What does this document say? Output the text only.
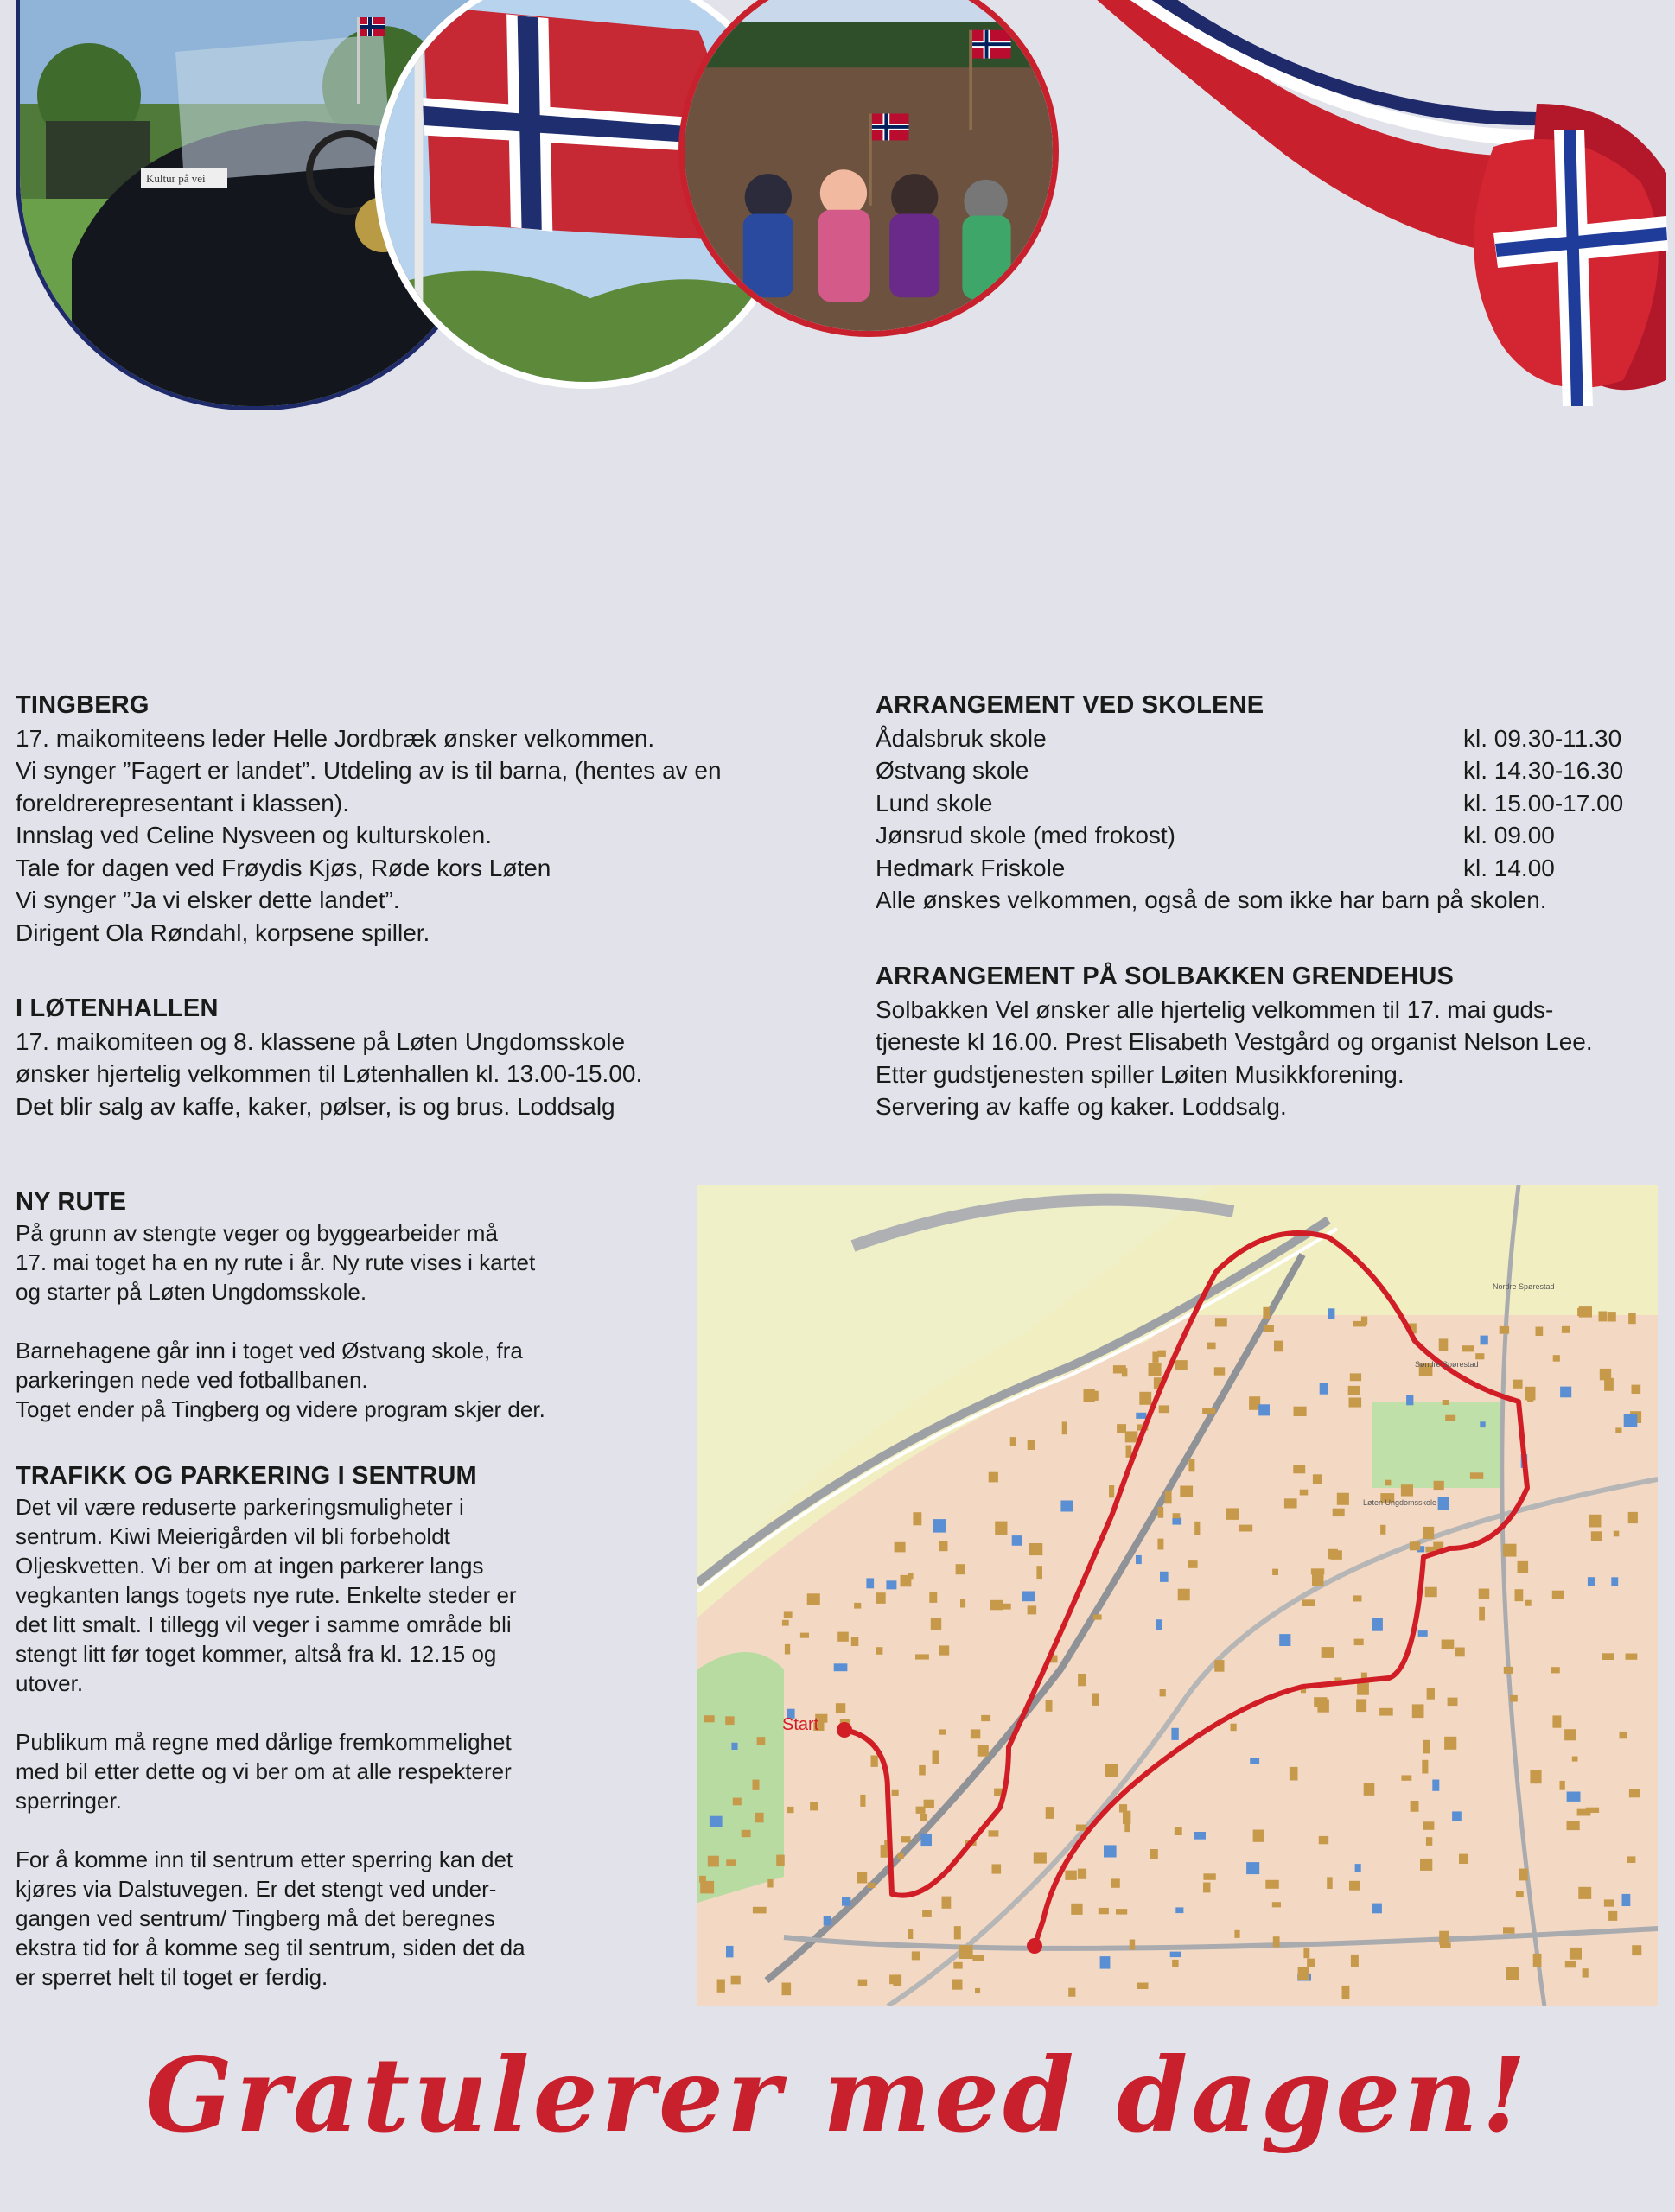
Kultur på vei
TINGBERG
17. maikomiteens leder Helle Jordbræk ønsker velkommen.
Vi synger ”Fagert er landet”. Utdeling av is til barna, (hentes av en
foreldrerepresentant i klassen).
Innslag ved Celine Nysveen og kulturskolen.
Tale for dagen ved Frøydis Kjøs, Røde kors Løten
Vi synger ”Ja vi elsker dette landet”.
Dirigent Ola Røndahl, korpsene spiller.
I LØTENHALLEN
17. maikomiteen og 8. klassene på Løten Ungdomsskole
ønsker hjertelig velkommen til Løtenhallen kl. 13.00-15.00.
Det blir salg av kaffe, kaker, pølser, is og brus. Loddsalg
ARRANGEMENT VED SKOLENE
Ådalsbruk skole	kl. 09.30-11.30
Østvang skole	kl. 14.30-16.30
Lund skole	kl. 15.00-17.00
Jønsrud skole (med frokost)	kl. 09.00
Hedmark Friskole	kl. 14.00
Alle ønskes velkommen, også de som ikke har barn på skolen.
ARRANGEMENT PÅ SOLBAKKEN GRENDEHUS
Solbakken Vel ønsker alle hjertelig velkommen til 17. mai guds-
tjeneste kl 16.00. Prest Elisabeth Vestgård og organist Nelson Lee.
Etter gudstjenesten spiller Løiten Musikkforening.
Servering av kaffe og kaker. Loddsalg.
NY RUTE
På grunn av stengte veger og byggearbeider må
17. mai toget ha en ny rute i år. Ny rute vises i kartet
og starter på Løten Ungdomsskole.
Barnehagene går inn i toget ved Østvang skole, fra
parkeringen nede ved fotballbanen.
Toget ender på Tingberg og videre program skjer der.
TRAFIKK OG PARKERING I SENTRUM
Det vil være reduserte parkeringsmuligheter i
sentrum. Kiwi Meierigården vil bli forbeholdt
Oljeskvetten. Vi ber om at ingen parkerer langs
vegkanten langs togets nye rute. Enkelte steder er
det litt smalt. I tillegg vil veger i samme område bli
stengt litt før toget kommer, altså fra kl. 12.15 og
utover.
Publikum må regne med dårlige fremkommelighet
med bil etter dette og vi ber om at alle respekterer
sperringer.
For å komme inn til sentrum etter sperring kan det
kjøres via Dalstuvegen. Er det stengt ved under-
gangen ved sentrum/ Tingberg må det beregnes
ekstra tid for å komme seg til sentrum, siden det da
er sperret helt til toget er ferdig.
Start
Nordre Spørestad
Søndre Spørestad
Løten Ungdomsskole
Gratulerer med dagen!
